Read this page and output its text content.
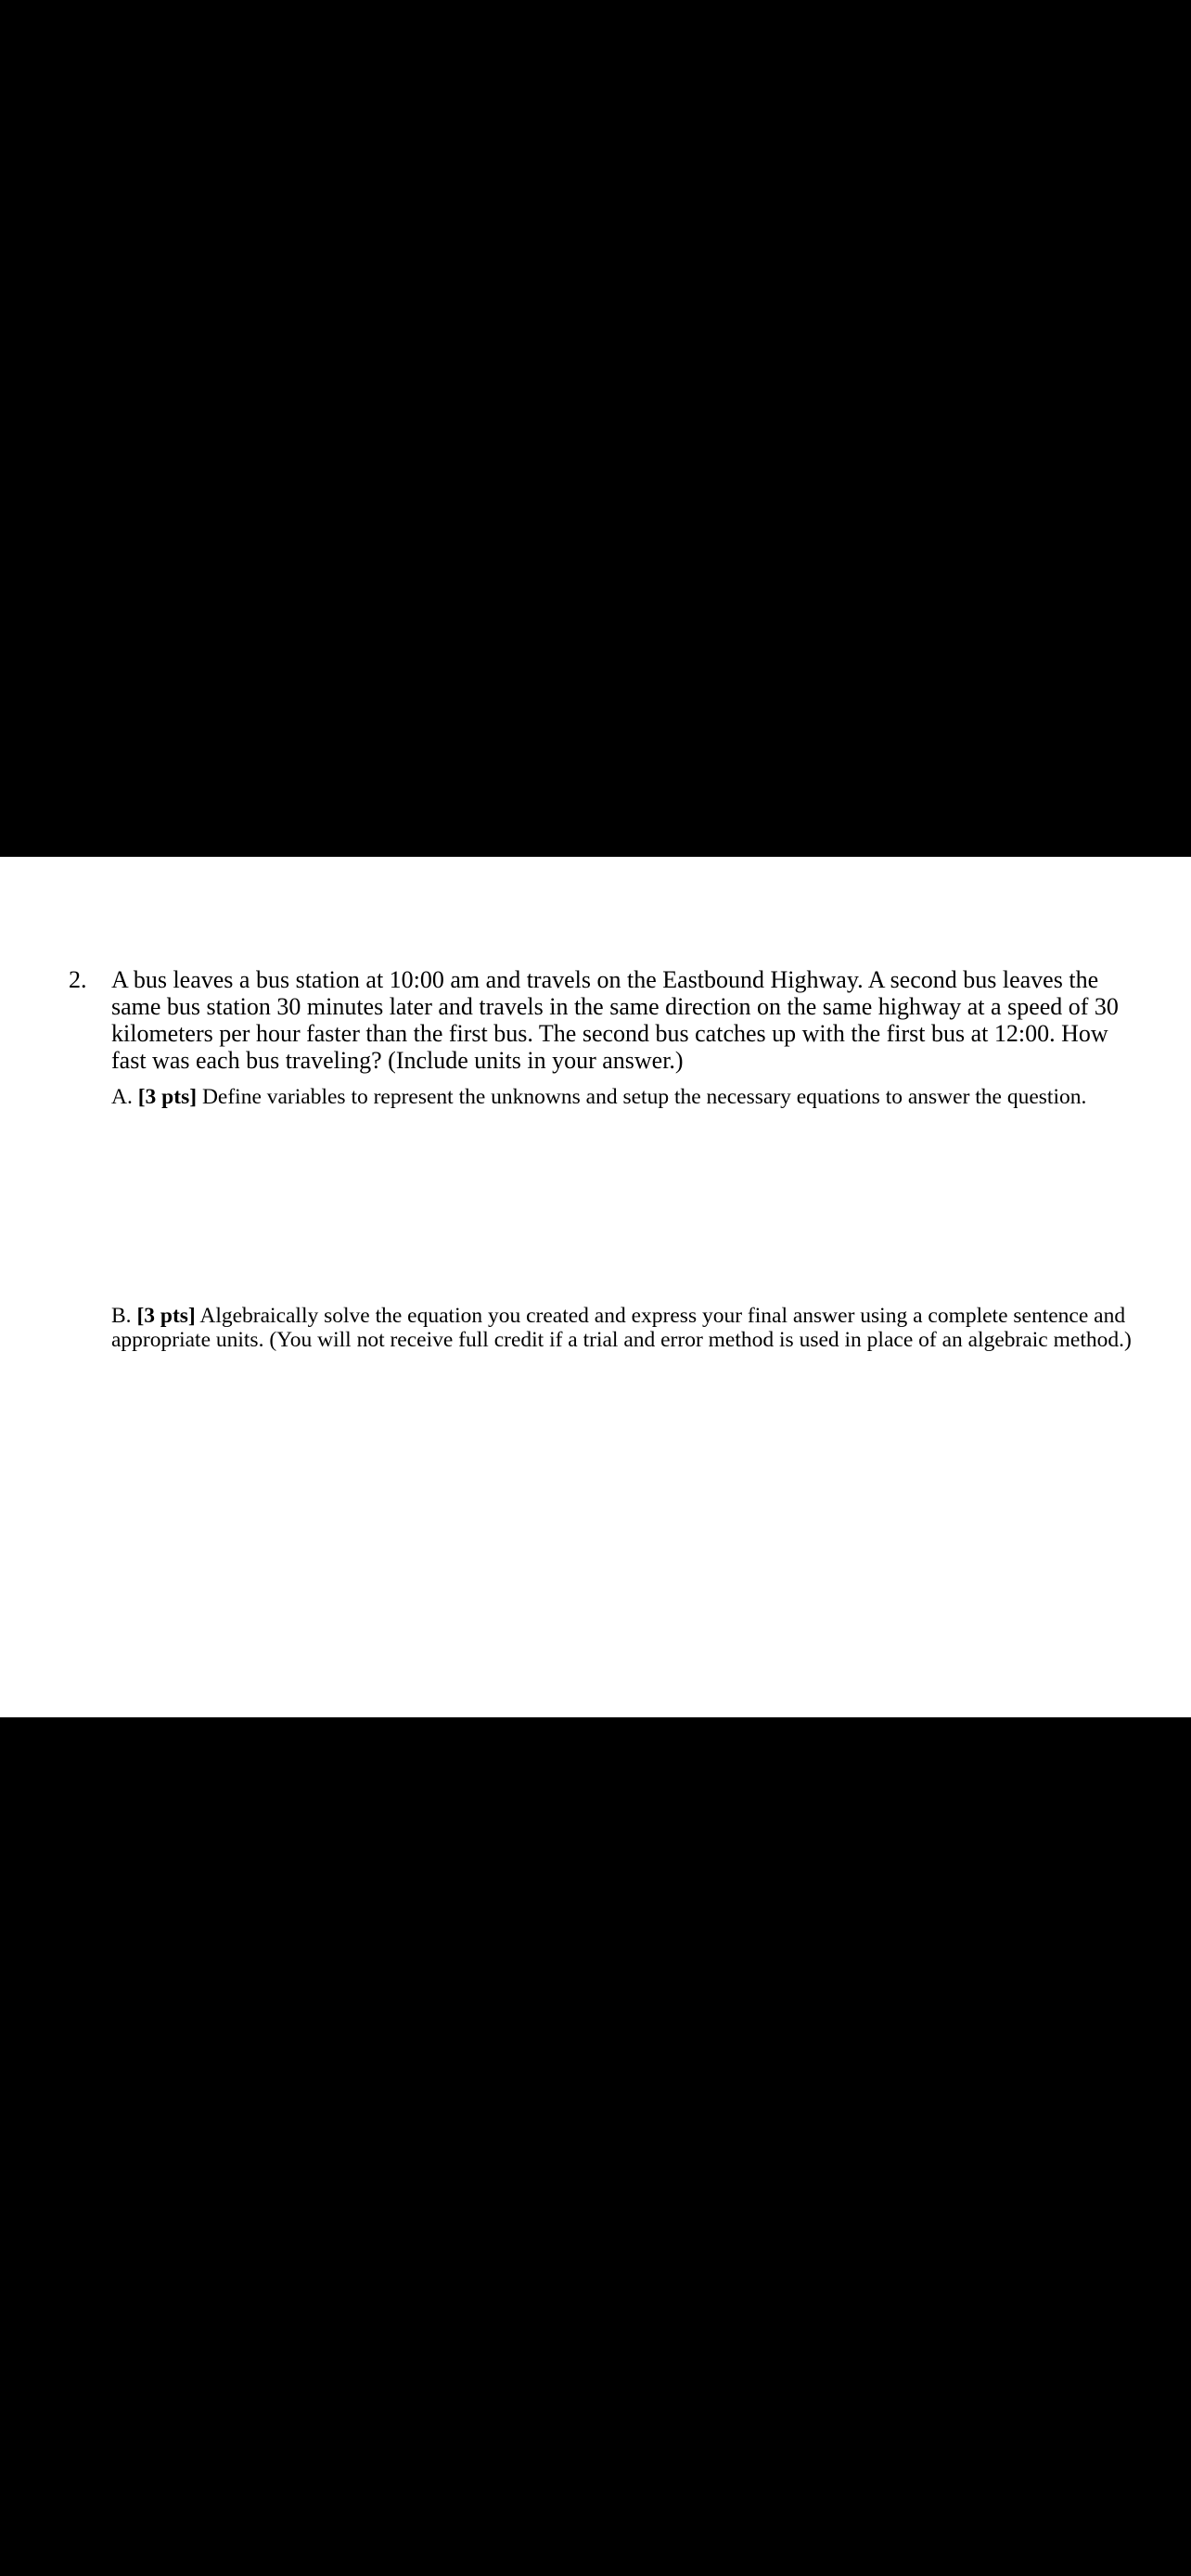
2. A bus leaves a bus station at 10:00 am and travels on the Eastbound Highway. A second bus leaves the same bus station 30 minutes later and travels in the same direction on the same highway at a speed of 30 kilometers per hour faster than the first bus. The second bus catches up with the first bus at 12:00. How fast was each bus traveling? (Include units in your answer.)

A. [3 pts] Define variables to represent the unknowns and setup the necessary equations to answer the question.

B. [3 pts] Algebraically solve the equation you created and express your final answer using a complete sentence and appropriate units. (You will not receive full credit if a trial and error method is used in place of an algebraic method.)
